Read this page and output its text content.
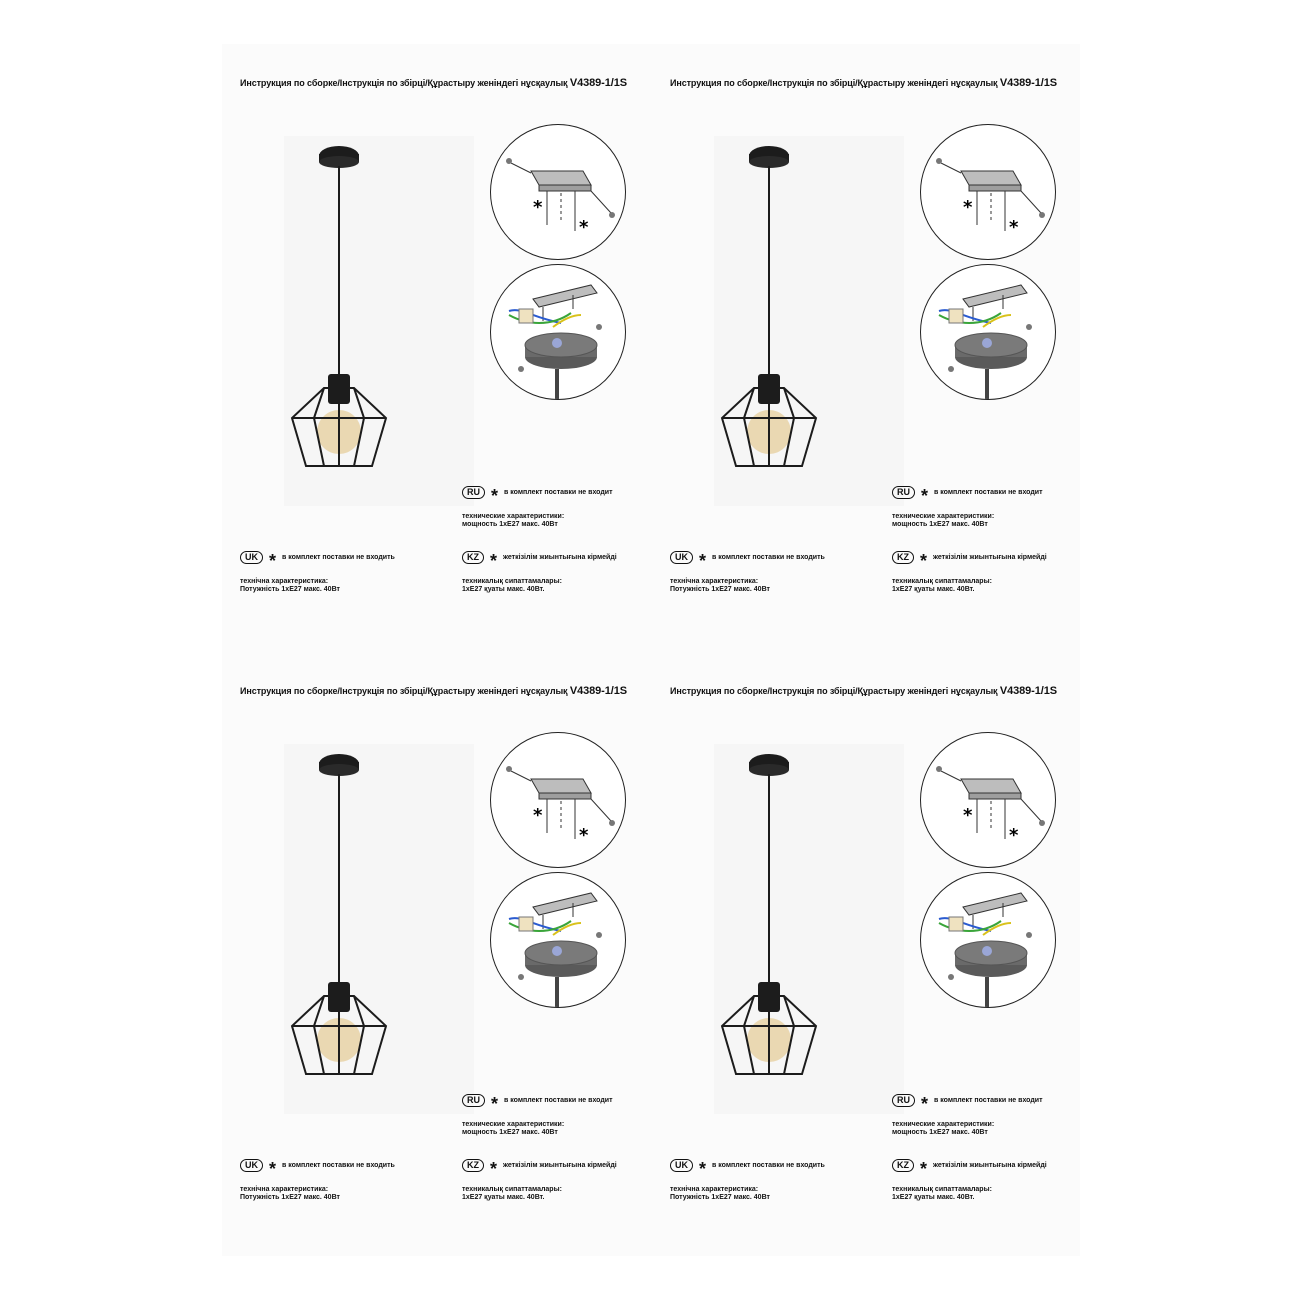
Инструкция по сборке/Інструкція по збірці/Құрастыру женіндегі нұсқаулық V4389-1/1S
*
*
RU * в комплект поставки не входит
технические характеристики:
мощность 1хЕ27 макс. 40Вт
UK * в комплект поставки не входить
технічна характеристика:
Потужність 1хЕ27 макс. 40Вт
KZ * жеткізілім жиынтығына кірмейді
техникалық сипаттамалары:
1хЕ27 қуаты макс. 40Вт.
Инструкция по сборке/Інструкція по збірці/Құрастыру женіндегі нұсқаулық V4389-1/1S
*
*
RU * в комплект поставки не входит
технические характеристики:
мощность 1хЕ27 макс. 40Вт
UK * в комплект поставки не входить
технічна характеристика:
Потужність 1хЕ27 макс. 40Вт
KZ * жеткізілім жиынтығына кірмейді
техникалық сипаттамалары:
1хЕ27 қуаты макс. 40Вт.
Инструкция по сборке/Інструкція по збірці/Құрастыру женіндегі нұсқаулық V4389-1/1S
*
*
RU * в комплект поставки не входит
технические характеристики:
мощность 1хЕ27 макс. 40Вт
UK * в комплект поставки не входить
технічна характеристика:
Потужність 1хЕ27 макс. 40Вт
KZ * жеткізілім жиынтығына кірмейді
техникалық сипаттамалары:
1хЕ27 қуаты макс. 40Вт.
Инструкция по сборке/Інструкція по збірці/Құрастыру женіндегі нұсқаулық V4389-1/1S
*
*
RU * в комплект поставки не входит
технические характеристики:
мощность 1хЕ27 макс. 40Вт
UK * в комплект поставки не входить
технічна характеристика:
Потужність 1хЕ27 макс. 40Вт
KZ * жеткізілім жиынтығына кірмейді
техникалық сипаттамалары:
1хЕ27 қуаты макс. 40Вт.
